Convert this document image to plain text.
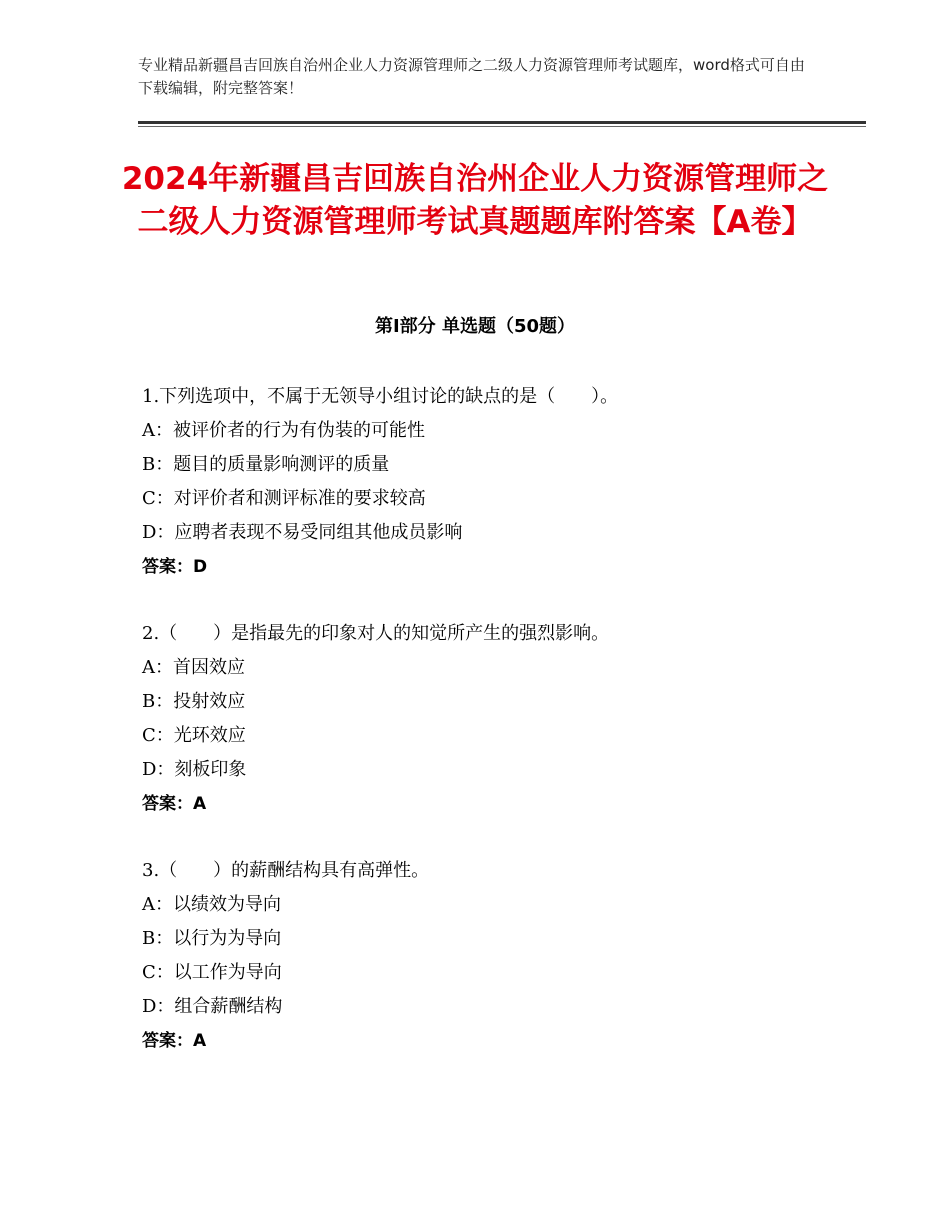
专业精品新疆昌吉回族自治州企业人力资源管理师之二级人力资源管理师考试题库，word格式可自由下载编辑，附完整答案！

2024年新疆昌吉回族自治州企业人力资源管理师之二级人力资源管理师考试真题题库附答案【A卷】
第Ⅰ部分 单选题（50题）
1.下列选项中，不属于无领导小组讨论的缺点的是（　　）。
A：被评价者的行为有伪装的可能性
B：题目的质量影响测评的质量
C：对评价者和测评标准的要求较高
D：应聘者表现不易受同组其他成员影响
答案：D
2.（　　）是指最先的印象对人的知觉所产生的强烈影响。
A：首因效应
B：投射效应
C：光环效应
D：刻板印象
答案：A
3.（　　）的薪酬结构具有高弹性。
A：以绩效为导向
B：以行为为导向
C：以工作为导向
D：组合薪酬结构
答案：A
